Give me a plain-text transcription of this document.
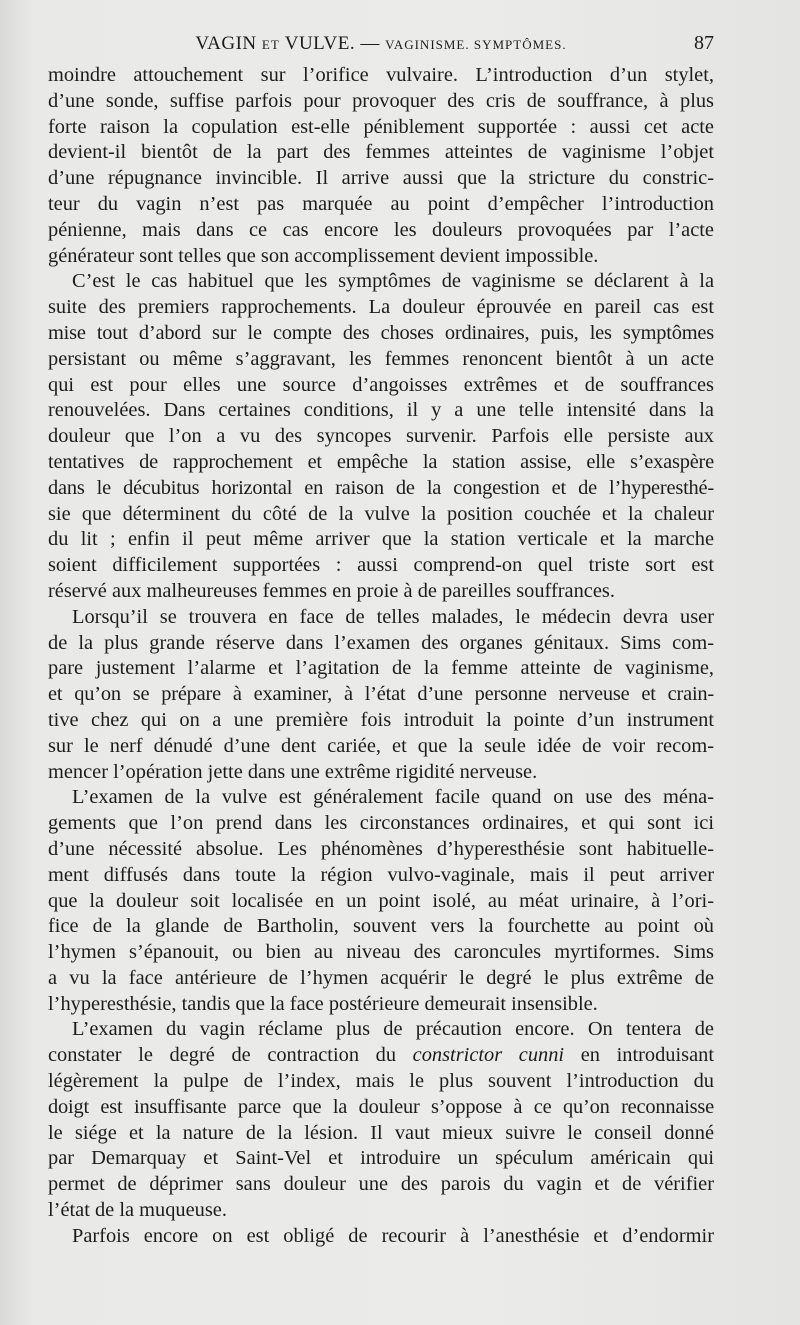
VAGIN ET VULVE. — VAGINISME. SYMPTÔMES.	87

moindre attouchement sur l’orifice vulvaire. L’introduction d’un stylet,
d’une sonde, suffise parfois pour provoquer des cris de souffrance, à plus
forte raison la copulation est-elle péniblement supportée : aussi cet acte
devient-il bientôt de la part des femmes atteintes de vaginisme l’objet
d’une répugnance invincible. Il arrive aussi que la stricture du constric-
teur du vagin n’est pas marquée au point d’empêcher l’introduction
pénienne, mais dans ce cas encore les douleurs provoquées par l’acte
générateur sont telles que son accomplissement devient impossible.

C’est le cas habituel que les symptômes de vaginisme se déclarent à la
suite des premiers rapprochements. La douleur éprouvée en pareil cas est
mise tout d’abord sur le compte des choses ordinaires, puis, les symptômes
persistant ou même s’aggravant, les femmes renoncent bientôt à un acte
qui est pour elles une source d’angoisses extrêmes et de souffrances
renouvelées. Dans certaines conditions, il y a une telle intensité dans la
douleur que l’on a vu des syncopes survenir. Parfois elle persiste aux
tentatives de rapprochement et empêche la station assise, elle s’exaspère
dans le décubitus horizontal en raison de la congestion et de l’hyperesthé-
sie que déterminent du côté de la vulve la position couchée et la chaleur
du lit ; enfin il peut même arriver que la station verticale et la marche
soient difficilement supportées : aussi comprend-on quel triste sort est
réservé aux malheureuses femmes en proie à de pareilles souffrances.

Lorsqu’il se trouvera en face de telles malades, le médecin devra user
de la plus grande réserve dans l’examen des organes génitaux. Sims com-
pare justement l’alarme et l’agitation de la femme atteinte de vaginisme,
et qu’on se prépare à examiner, à l’état d’une personne nerveuse et crain-
tive chez qui on a une première fois introduit la pointe d’un instrument
sur le nerf dénudé d’une dent cariée, et que la seule idée de voir recom-
mencer l’opération jette dans une extrême rigidité nerveuse.

L’examen de la vulve est généralement facile quand on use des ména-
gements que l’on prend dans les circonstances ordinaires, et qui sont ici
d’une nécessité absolue. Les phénomènes d’hyperesthésie sont habituelle-
ment diffusés dans toute la région vulvo-vaginale, mais il peut arriver
que la douleur soit localisée en un point isolé, au méat urinaire, à l’ori-
fice de la glande de Bartholin, souvent vers la fourchette au point où
l’hymen s’épanouit, ou bien au niveau des caroncules myrtiformes. Sims
a vu la face antérieure de l’hymen acquérir le degré le plus extrême de
l’hyperesthésie, tandis que la face postérieure demeurait insensible.

L’examen du vagin réclame plus de précaution encore. On tentera de
constater le degré de contraction du constrictor cunni en introduisant
légèrement la pulpe de l’index, mais le plus souvent l’introduction du
doigt est insuffisante parce que la douleur s’oppose à ce qu’on reconnaisse
le siége et la nature de la lésion. Il vaut mieux suivre le conseil donné
par Demarquay et Saint-Vel et introduire un spéculum américain qui
permet de déprimer sans douleur une des parois du vagin et de vérifier
l’état de la muqueuse.

Parfois encore on est obligé de recourir à l’anesthésie et d’endormir
